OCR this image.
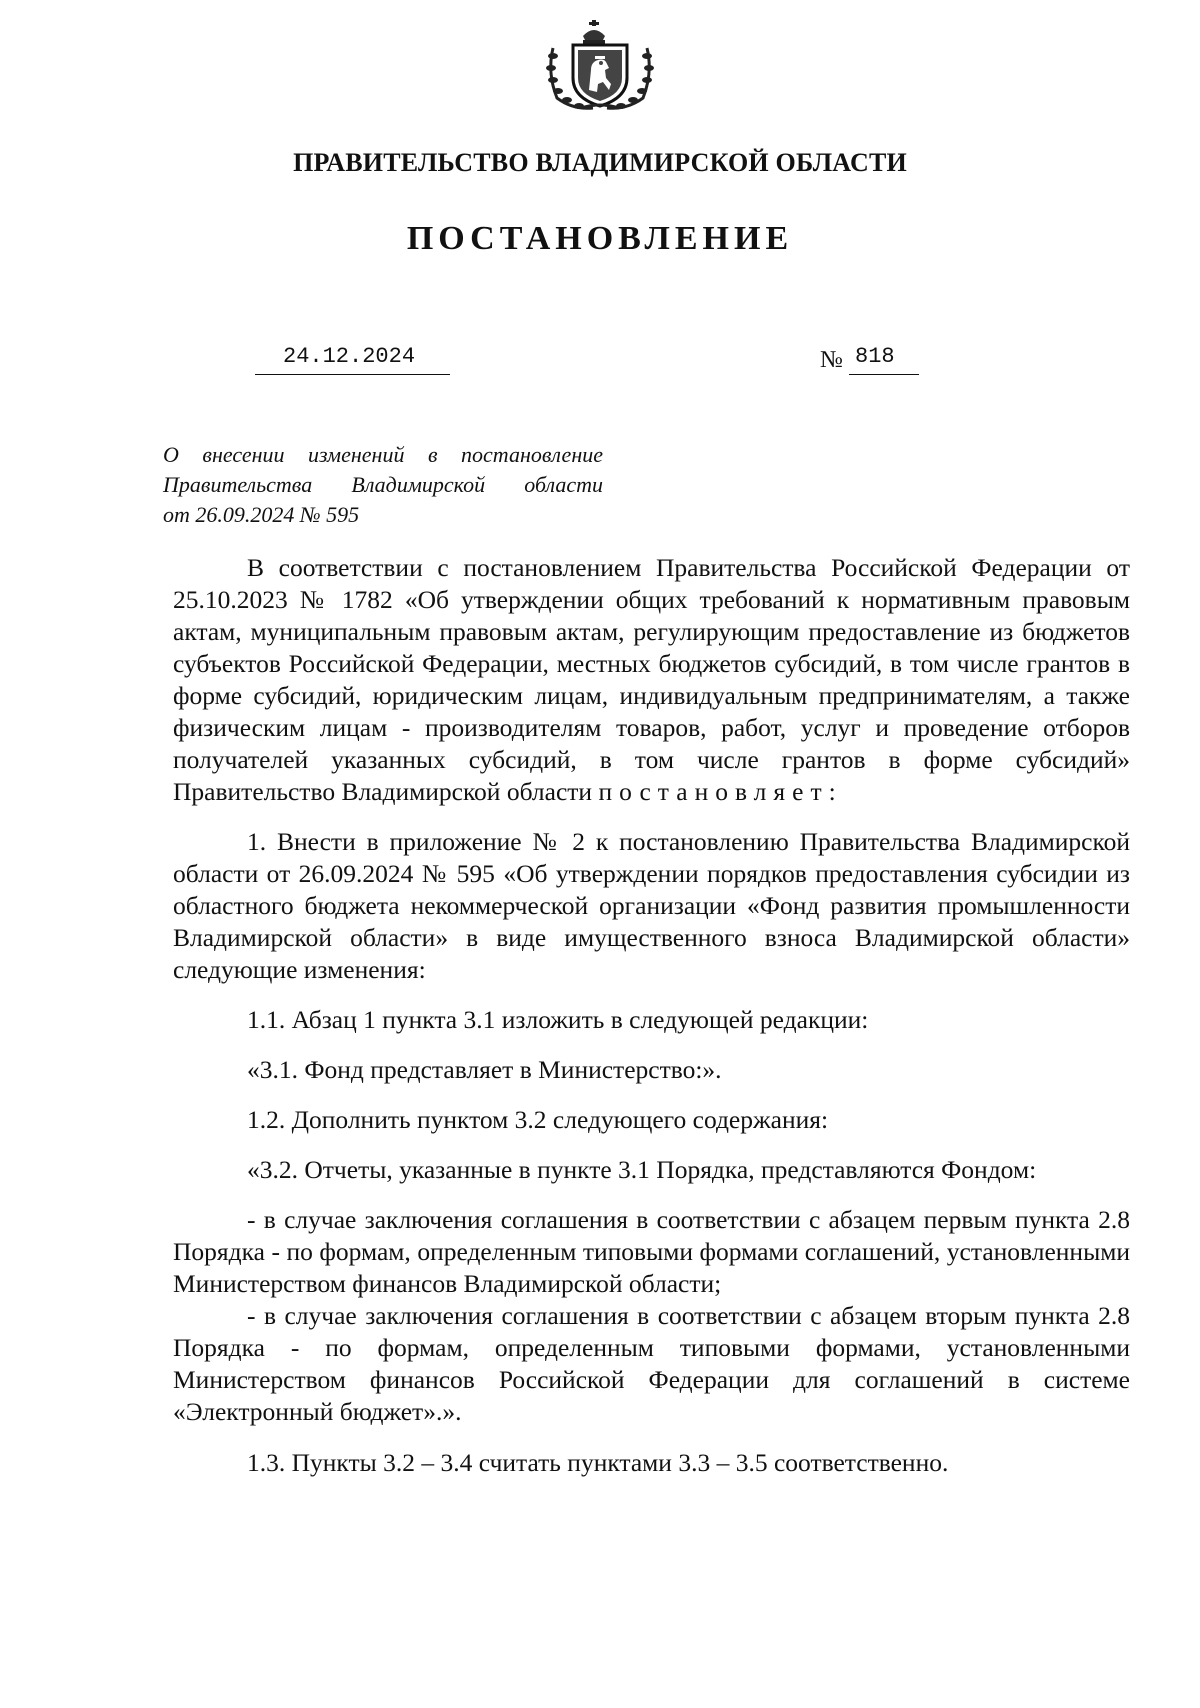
ПРАВИТЕЛЬСТВО ВЛАДИМИРСКОЙ ОБЛАСТИ
ПОСТАНОВЛЕНИЕ
24.12.2024	№ 818
О внесении изменений в постановление
Правительства Владимирской области
от 26.09.2024 № 595

В соответствии с постановлением Правительства Российской Федерации от 25.10.2023 № 1782 «Об утверждении общих требований к нормативным правовым актам, муниципальным правовым актам, регулирующим предоставление из бюджетов субъектов Российской Федерации, местных бюджетов субсидий, в том числе грантов в форме субсидий, юридическим лицам, индивидуальным предпринимателям, а также физическим лицам - производителям товаров, работ, услуг и проведение отборов получателей указанных субсидий, в том числе грантов в форме субсидий» Правительство Владимирской области постановляет:

1. Внести в приложение № 2 к постановлению Правительства Владимирской области от 26.09.2024 № 595 «Об утверждении порядков предоставления субсидии из областного бюджета некоммерческой организации «Фонд развития промышленности Владимирской области» в виде имущественного взноса Владимирской области» следующие изменения:

1.1. Абзац 1 пункта 3.1 изложить в следующей редакции:

«3.1. Фонд представляет в Министерство:».

1.2. Дополнить пунктом 3.2 следующего содержания:

«3.2. Отчеты, указанные в пункте 3.1 Порядка, представляются Фондом:

- в случае заключения соглашения в соответствии с абзацем первым пункта 2.8 Порядка - по формам, определенным типовыми формами соглашений, установленными Министерством финансов Владимирской области;

- в случае заключения соглашения в соответствии с абзацем вторым пункта 2.8 Порядка - по формам, определенным типовыми формами, установленными Министерством финансов Российской Федерации для соглашений в системе «Электронный бюджет».».

1.3. Пункты 3.2 – 3.4 считать пунктами 3.3 – 3.5 соответственно.
